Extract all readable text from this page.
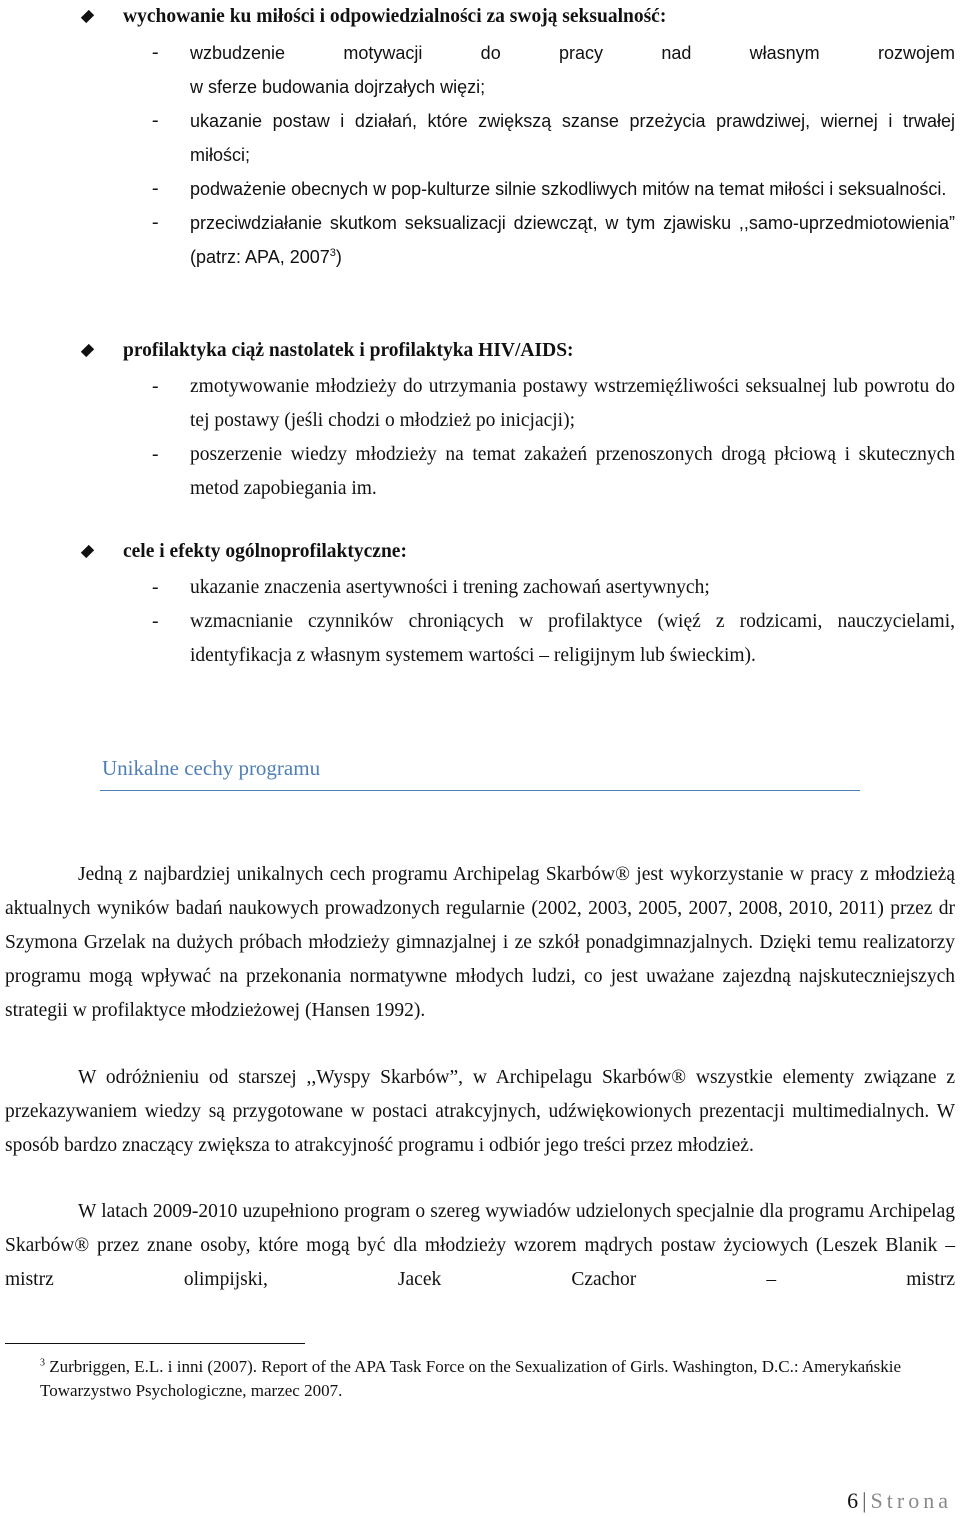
wychowanie ku miłości i odpowiedzialności za swoją seksualność:
- wzbudzenie motywacji do pracy nad własnym rozwojem
w sferze budowania dojrzałych więzi;
- ukazanie postaw i działań, które zwiększą szanse przeżycia prawdziwej, wiernej i trwałej miłości;
- podważenie obecnych w pop-kulturze silnie szkodliwych mitów na temat miłości i seksualności.
- przeciwdziałanie skutkom seksualizacji dziewcząt, w tym zjawisku ,,samo-uprzedmiotowienia” (patrz: APA, 2007$^3$)
profilaktyka ciąż nastolatek i profilaktyka HIV/AIDS:
- zmotywowanie młodzieży do utrzymania postawy wstrzemięźliwości seksualnej lub powrotu do tej postawy (jeśli chodzi o młodzież po inicjacji);
- poszerzenie wiedzy młodzieży na temat zakażeń przenoszonych drogą płciową i skutecznych metod zapobiegania im.
cele i efekty ogólnoprofilaktyczne:
- ukazanie znaczenia asertywności i trening zachowań asertywnych;
- wzmacnianie czynników chroniących w profilaktyce (więź z rodzicami, nauczycielami, identyfikacja z własnym systemem wartości – religijnym lub świeckim).
Unikalne cechy programu
Jedną z najbardziej unikalnych cech programu Archipelag Skarbów® jest wykorzystanie w pracy z młodzieżą aktualnych wyników badań naukowych prowadzonych regularnie (2002, 2003, 2005, 2007, 2008, 2010, 2011) przez dr Szymona Grzelak na dużych próbach młodzieży gimnazjalnej i ze szkół ponadgimnazjalnych. Dzięki temu realizatorzy programu mogą wpływać na przekonania normatywne młodych ludzi, co jest uważane zajezdną najskuteczniejszych strategii w profilaktyce młodzieżowej (Hansen 1992).
W odróżnieniu od starszej ,,Wyspy Skarbów”, w Archipelagu Skarbów® wszystkie elementy związane z przekazywaniem wiedzy są przygotowane w postaci atrakcyjnych, udźwiękowionych prezentacji multimedialnych. W sposób bardzo znaczący zwiększa to atrakcyjność programu i odbiór jego treści przez młodzież.
W latach 2009-2010 uzupełniono program o szereg wywiadów udzielonych specjalnie dla programu Archipelag Skarbów® przez znane osoby, które mogą być dla młodzieży wzorem mądrych postaw życiowych (Leszek Blanik – mistrz olimpijski, Jacek Czachor – mistrz
$^3$ Zurbriggen, E.L. i inni (2007). Report of the APA Task Force on the Sexualization of Girls. Washington, D.C.: Amerykańskie Towarzystwo Psychologiczne, marzec 2007.
6 | Strona
